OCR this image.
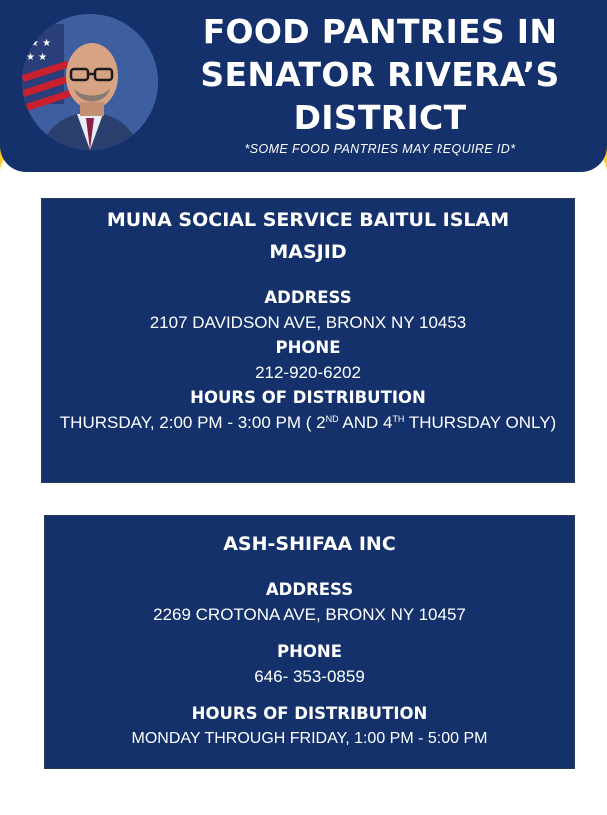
★ ★
★ ★
FOOD PANTRIES IN SENATOR RIVERA’S DISTRICT
*SOME FOOD PANTRIES MAY REQUIRE ID*
MUNA SOCIAL SERVICE BAITUL ISLAM MASJID
ADDRESS
2107 DAVIDSON AVE, BRONX NY 10453
PHONE
212-920-6202
HOURS OF DISTRIBUTION
THURSDAY, 2:00 PM - 3:00 PM ( 2ND AND 4TH THURSDAY ONLY)
ASH-SHIFAA INC
ADDRESS
2269 CROTONA AVE, BRONX NY 10457
PHONE
646- 353-0859
HOURS OF DISTRIBUTION
MONDAY THROUGH FRIDAY, 1:00 PM - 5:00 PM
